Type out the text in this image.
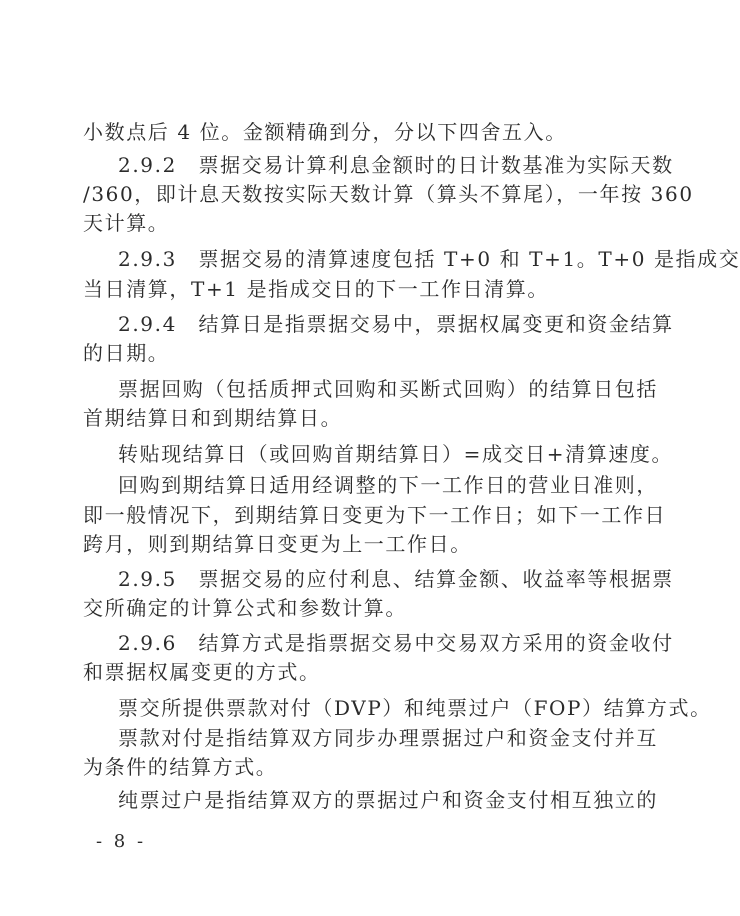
小数点后 4 位。金额精确到分，分以下四舍五入。
2.9.2　票据交易计算利息金额时的日计数基准为实际天数
/360，即计息天数按实际天数计算（算头不算尾），一年按 360
天计算。
2.9.3　票据交易的清算速度包括 T+0 和 T+1。T+0 是指成交
当日清算，T+1 是指成交日的下一工作日清算。
2.9.4　结算日是指票据交易中，票据权属变更和资金结算
的日期。
票据回购（包括质押式回购和买断式回购）的结算日包括
首期结算日和到期结算日。
转贴现结算日（或回购首期结算日）=成交日+清算速度。
回购到期结算日适用经调整的下一工作日的营业日准则，
即一般情况下，到期结算日变更为下一工作日；如下一工作日
跨月，则到期结算日变更为上一工作日。
2.9.5　票据交易的应付利息、结算金额、收益率等根据票
交所确定的计算公式和参数计算。
2.9.6　结算方式是指票据交易中交易双方采用的资金收付
和票据权属变更的方式。
票交所提供票款对付（DVP）和纯票过户（FOP）结算方式。
票款对付是指结算双方同步办理票据过户和资金支付并互
为条件的结算方式。
纯票过户是指结算双方的票据过户和资金支付相互独立的
- 8 -
